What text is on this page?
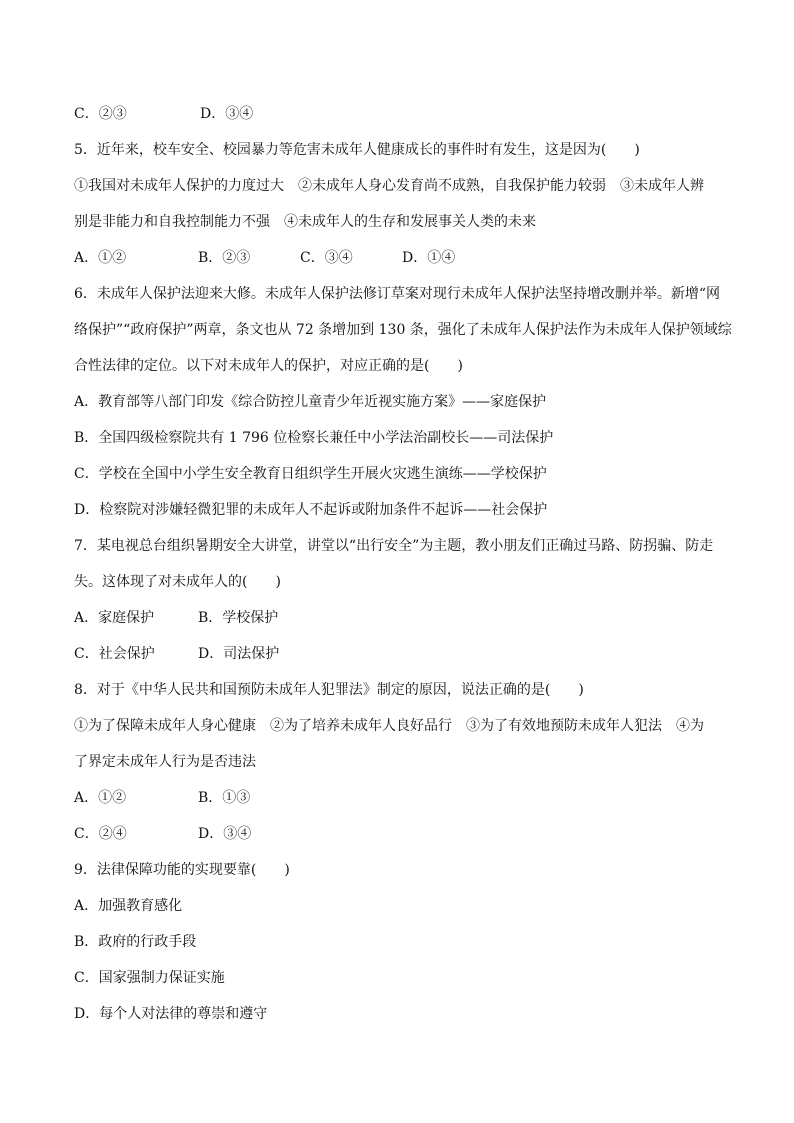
C．②③	D．③④
5．近年来，校车安全、校园暴力等危害未成年人健康成长的事件时有发生，这是因为(　　)
①我国对未成年人保护的力度过大　②未成年人身心发育尚不成熟，自我保护能力较弱　③未成年人辨
别是非能力和自我控制能力不强　④未成年人的生存和发展事关人类的未来
A．①②	B．②③	C．③④	D．①④
6．未成年人保护法迎来大修。未成年人保护法修订草案对现行未成年人保护法坚持增改删并举。新增“网
络保护”“政府保护”两章，条文也从 72 条增加到 130 条，强化了未成年人保护法作为未成年人保护领域综
合性法律的定位。以下对未成年人的保护，对应正确的是(　　)
A．教育部等八部门印发《综合防控儿童青少年近视实施方案》——家庭保护
B．全国四级检察院共有 1 796 位检察长兼任中小学法治副校长——司法保护
C．学校在全国中小学生安全教育日组织学生开展火灾逃生演练——学校保护
D．检察院对涉嫌轻微犯罪的未成年人不起诉或附加条件不起诉——社会保护
7．某电视总台组织暑期安全大讲堂，讲堂以“出行安全”为主题，教小朋友们正确过马路、防拐骗、防走
失。这体现了对未成年人的(　　)
A．家庭保护	B．学校保护
C．社会保护	D．司法保护
8．对于《中华人民共和国预防未成年人犯罪法》制定的原因，说法正确的是(　　)
①为了保障未成年人身心健康　②为了培养未成年人良好品行　③为了有效地预防未成年人犯法　④为
了界定未成年人行为是否违法
A．①②	B．①③
C．②④	D．③④
9．法律保障功能的实现要靠(　　)
A．加强教育感化
B．政府的行政手段
C．国家强制力保证实施
D．每个人对法律的尊崇和遵守
